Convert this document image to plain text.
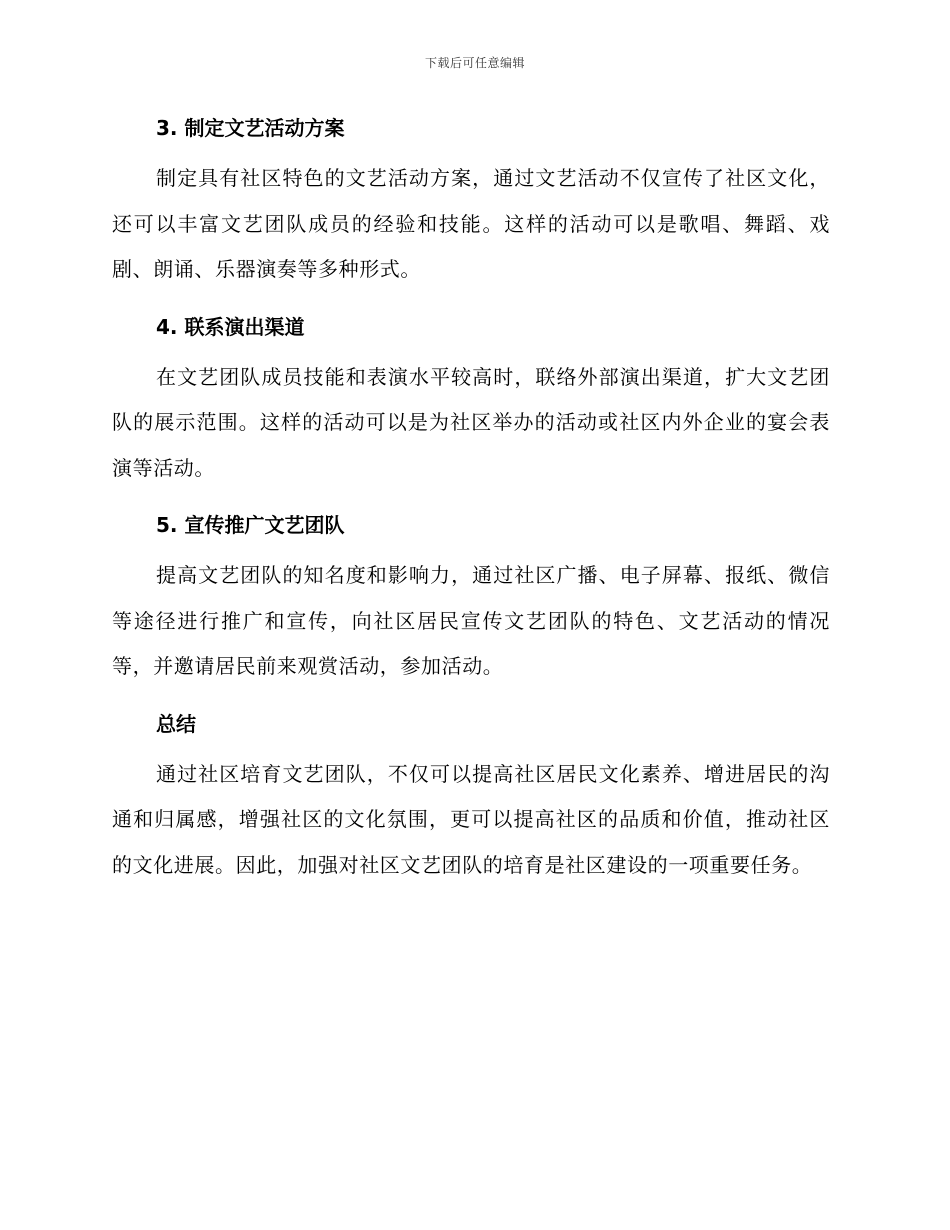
下载后可任意编辑
3. 制定文艺活动方案

制定具有社区特色的文艺活动方案，通过文艺活动不仅宣传了社区文化，还可以丰富文艺团队成员的经验和技能。这样的活动可以是歌唱、舞蹈、戏剧、朗诵、乐器演奏等多种形式。

4. 联系演出渠道

在文艺团队成员技能和表演水平较高时，联络外部演出渠道，扩大文艺团队的展示范围。这样的活动可以是为社区举办的活动或社区内外企业的宴会表演等活动。

5. 宣传推广文艺团队

提高文艺团队的知名度和影响力，通过社区广播、电子屏幕、报纸、微信等途径进行推广和宣传，向社区居民宣传文艺团队的特色、文艺活动的情况等，并邀请居民前来观赏活动，参加活动。

总结

通过社区培育文艺团队，不仅可以提高社区居民文化素养、增进居民的沟通和归属感，增强社区的文化氛围，更可以提高社区的品质和价值，推动社区的文化进展。因此，加强对社区文艺团队的培育是社区建设的一项重要任务。
